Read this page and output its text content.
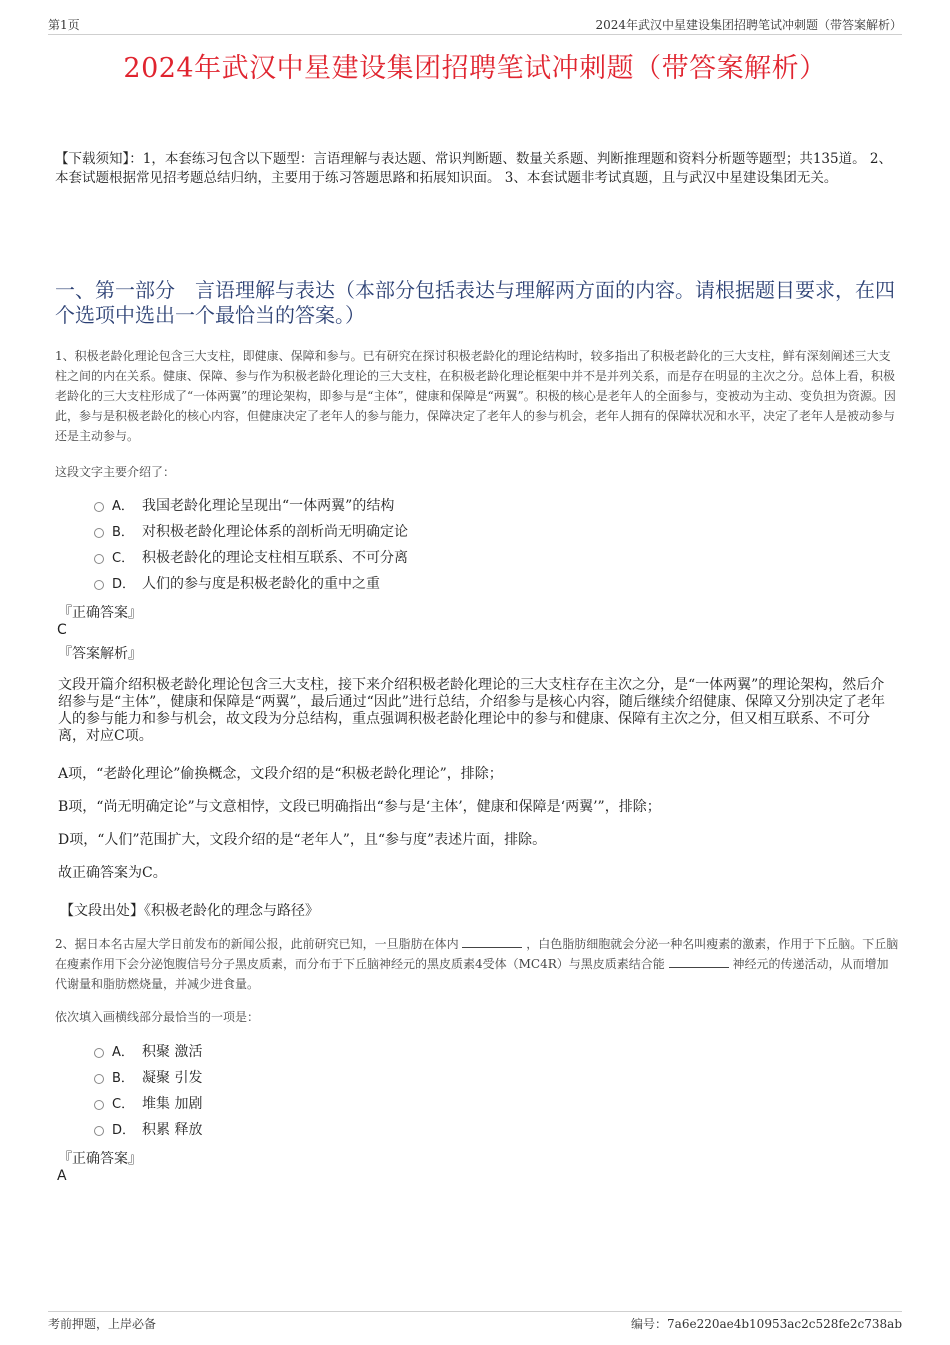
第1页	2024年武汉中星建设集团招聘笔试冲刺题（带答案解析）
2024年武汉中星建设集团招聘笔试冲刺题（带答案解析）
【下载须知】：1，本套练习包含以下题型：言语理解与表达题、常识判断题、数量关系题、判断推理题和资料分析题等题型；共135道。 2、本套试题根据常见招考题总结归纳，主要用于练习答题思路和拓展知识面。 3、本套试题非考试真题，且与武汉中星建设集团无关。
一、第一部分　言语理解与表达（本部分包括表达与理解两方面的内容。请根据题目要求，在四个选项中选出一个最恰当的答案。）
1、积极老龄化理论包含三大支柱，即健康、保障和参与。已有研究在探讨积极老龄化的理论结构时，较多指出了积极老龄化的三大支柱，鲜有深刻阐述三大支柱之间的内在关系。健康、保障、参与作为积极老龄化理论的三大支柱，在积极老龄化理论框架中并不是并列关系，而是存在明显的主次之分。总体上看，积极老龄化的三大支柱形成了“一体两翼”的理论架构，即参与是“主体”，健康和保障是“两翼”。积极的核心是老年人的全面参与，变被动为主动、变负担为资源。因此，参与是积极老龄化的核心内容，但健康决定了老年人的参与能力，保障决定了老年人的参与机会，老年人拥有的保障状况和水平，决定了老年人是被动参与还是主动参与。
这段文字主要介绍了：
A． 我国老龄化理论呈现出“一体两翼”的结构
B． 对积极老龄化理论体系的剖析尚无明确定论
C． 积极老龄化的理论支柱相互联系、不可分离
D． 人们的参与度是积极老龄化的重中之重
『正确答案』
C
『答案解析』
文段开篇介绍积极老龄化理论包含三大支柱，接下来介绍积极老龄化理论的三大支柱存在主次之分，是“一体两翼”的理论架构，然后介绍参与是“主体”，健康和保障是“两翼”，最后通过“因此”进行总结，介绍参与是核心内容，随后继续介绍健康、保障又分别决定了老年人的参与能力和参与机会，故文段为分总结构，重点强调积极老龄化理论中的参与和健康、保障有主次之分，但又相互联系、不可分离，对应C项。
A项，“老龄化理论”偷换概念，文段介绍的是“积极老龄化理论”，排除；
B项，“尚无明确定论”与文意相悖，文段已明确指出“参与是‘主体’，健康和保障是‘两翼’”，排除；
D项，“人们”范围扩大，文段介绍的是“老年人”，且“参与度”表述片面，排除。
故正确答案为C。
【文段出处】《积极老龄化的理念与路径》
2、据日本名古屋大学日前发布的新闻公报，此前研究已知，一旦脂肪在体内	，白色脂肪细胞就会分泌一种名叫瘦素的激素，作用于下丘脑。下丘脑在瘦素作用下会分泌饱腹信号分子黑皮质素，而分布于下丘脑神经元的黑皮质素4受体（MC4R）与黑皮质素结合能	神经元的传递活动，从而增加代谢量和脂肪燃烧量，并减少进食量。
依次填入画横线部分最恰当的一项是：
A． 积聚 激活
B． 凝聚 引发
C． 堆集 加剧
D． 积累 释放
『正确答案』
A
考前押题，上岸必备	编号：7a6e220ae4b10953ac2c528fe2c738ab
